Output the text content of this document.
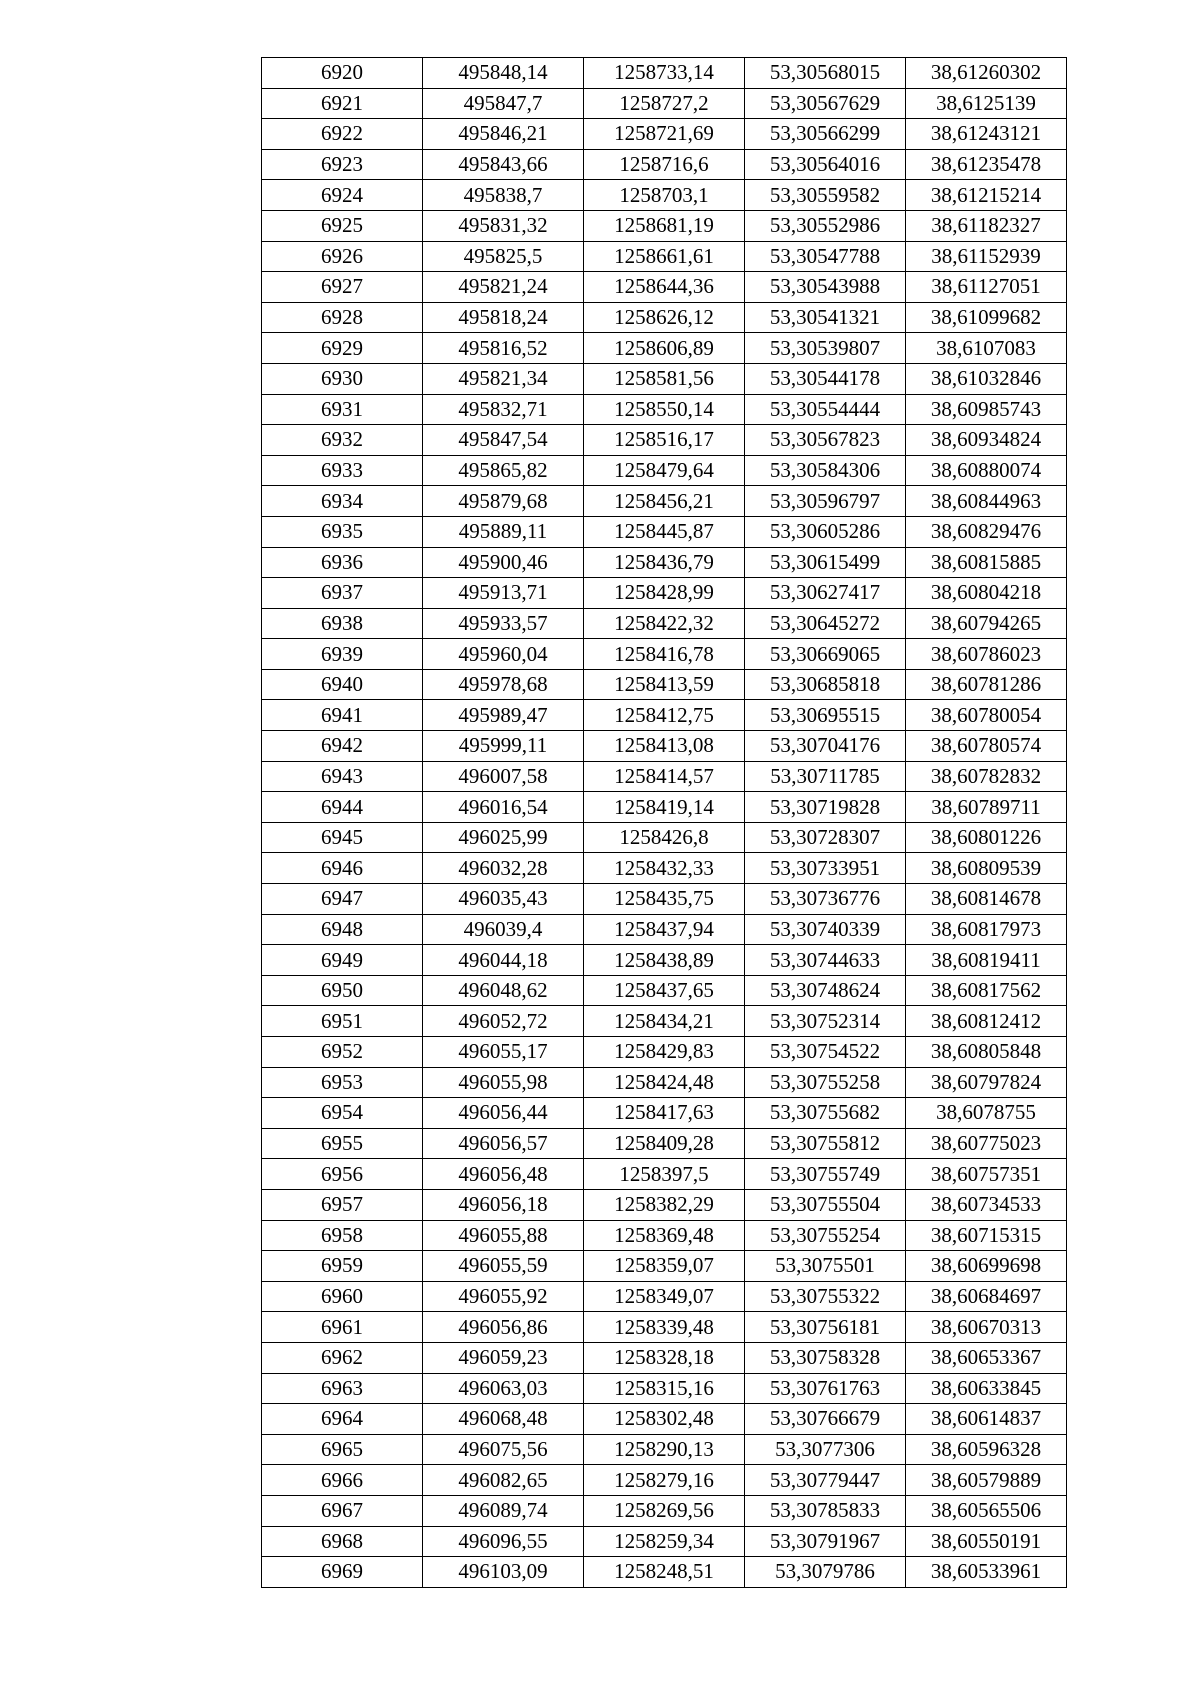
6920	495848,14	1258733,14	53,30568015	38,61260302
6921	495847,7	1258727,2	53,30567629	38,6125139
6922	495846,21	1258721,69	53,30566299	38,61243121
6923	495843,66	1258716,6	53,30564016	38,61235478
6924	495838,7	1258703,1	53,30559582	38,61215214
6925	495831,32	1258681,19	53,30552986	38,61182327
6926	495825,5	1258661,61	53,30547788	38,61152939
6927	495821,24	1258644,36	53,30543988	38,61127051
6928	495818,24	1258626,12	53,30541321	38,61099682
6929	495816,52	1258606,89	53,30539807	38,6107083
6930	495821,34	1258581,56	53,30544178	38,61032846
6931	495832,71	1258550,14	53,30554444	38,60985743
6932	495847,54	1258516,17	53,30567823	38,60934824
6933	495865,82	1258479,64	53,30584306	38,60880074
6934	495879,68	1258456,21	53,30596797	38,60844963
6935	495889,11	1258445,87	53,30605286	38,60829476
6936	495900,46	1258436,79	53,30615499	38,60815885
6937	495913,71	1258428,99	53,30627417	38,60804218
6938	495933,57	1258422,32	53,30645272	38,60794265
6939	495960,04	1258416,78	53,30669065	38,60786023
6940	495978,68	1258413,59	53,30685818	38,60781286
6941	495989,47	1258412,75	53,30695515	38,60780054
6942	495999,11	1258413,08	53,30704176	38,60780574
6943	496007,58	1258414,57	53,30711785	38,60782832
6944	496016,54	1258419,14	53,30719828	38,60789711
6945	496025,99	1258426,8	53,30728307	38,60801226
6946	496032,28	1258432,33	53,30733951	38,60809539
6947	496035,43	1258435,75	53,30736776	38,60814678
6948	496039,4	1258437,94	53,30740339	38,60817973
6949	496044,18	1258438,89	53,30744633	38,60819411
6950	496048,62	1258437,65	53,30748624	38,60817562
6951	496052,72	1258434,21	53,30752314	38,60812412
6952	496055,17	1258429,83	53,30754522	38,60805848
6953	496055,98	1258424,48	53,30755258	38,60797824
6954	496056,44	1258417,63	53,30755682	38,6078755
6955	496056,57	1258409,28	53,30755812	38,60775023
6956	496056,48	1258397,5	53,30755749	38,60757351
6957	496056,18	1258382,29	53,30755504	38,60734533
6958	496055,88	1258369,48	53,30755254	38,60715315
6959	496055,59	1258359,07	53,3075501	38,60699698
6960	496055,92	1258349,07	53,30755322	38,60684697
6961	496056,86	1258339,48	53,30756181	38,60670313
6962	496059,23	1258328,18	53,30758328	38,60653367
6963	496063,03	1258315,16	53,30761763	38,60633845
6964	496068,48	1258302,48	53,30766679	38,60614837
6965	496075,56	1258290,13	53,3077306	38,60596328
6966	496082,65	1258279,16	53,30779447	38,60579889
6967	496089,74	1258269,56	53,30785833	38,60565506
6968	496096,55	1258259,34	53,30791967	38,60550191
6969	496103,09	1258248,51	53,3079786	38,60533961
